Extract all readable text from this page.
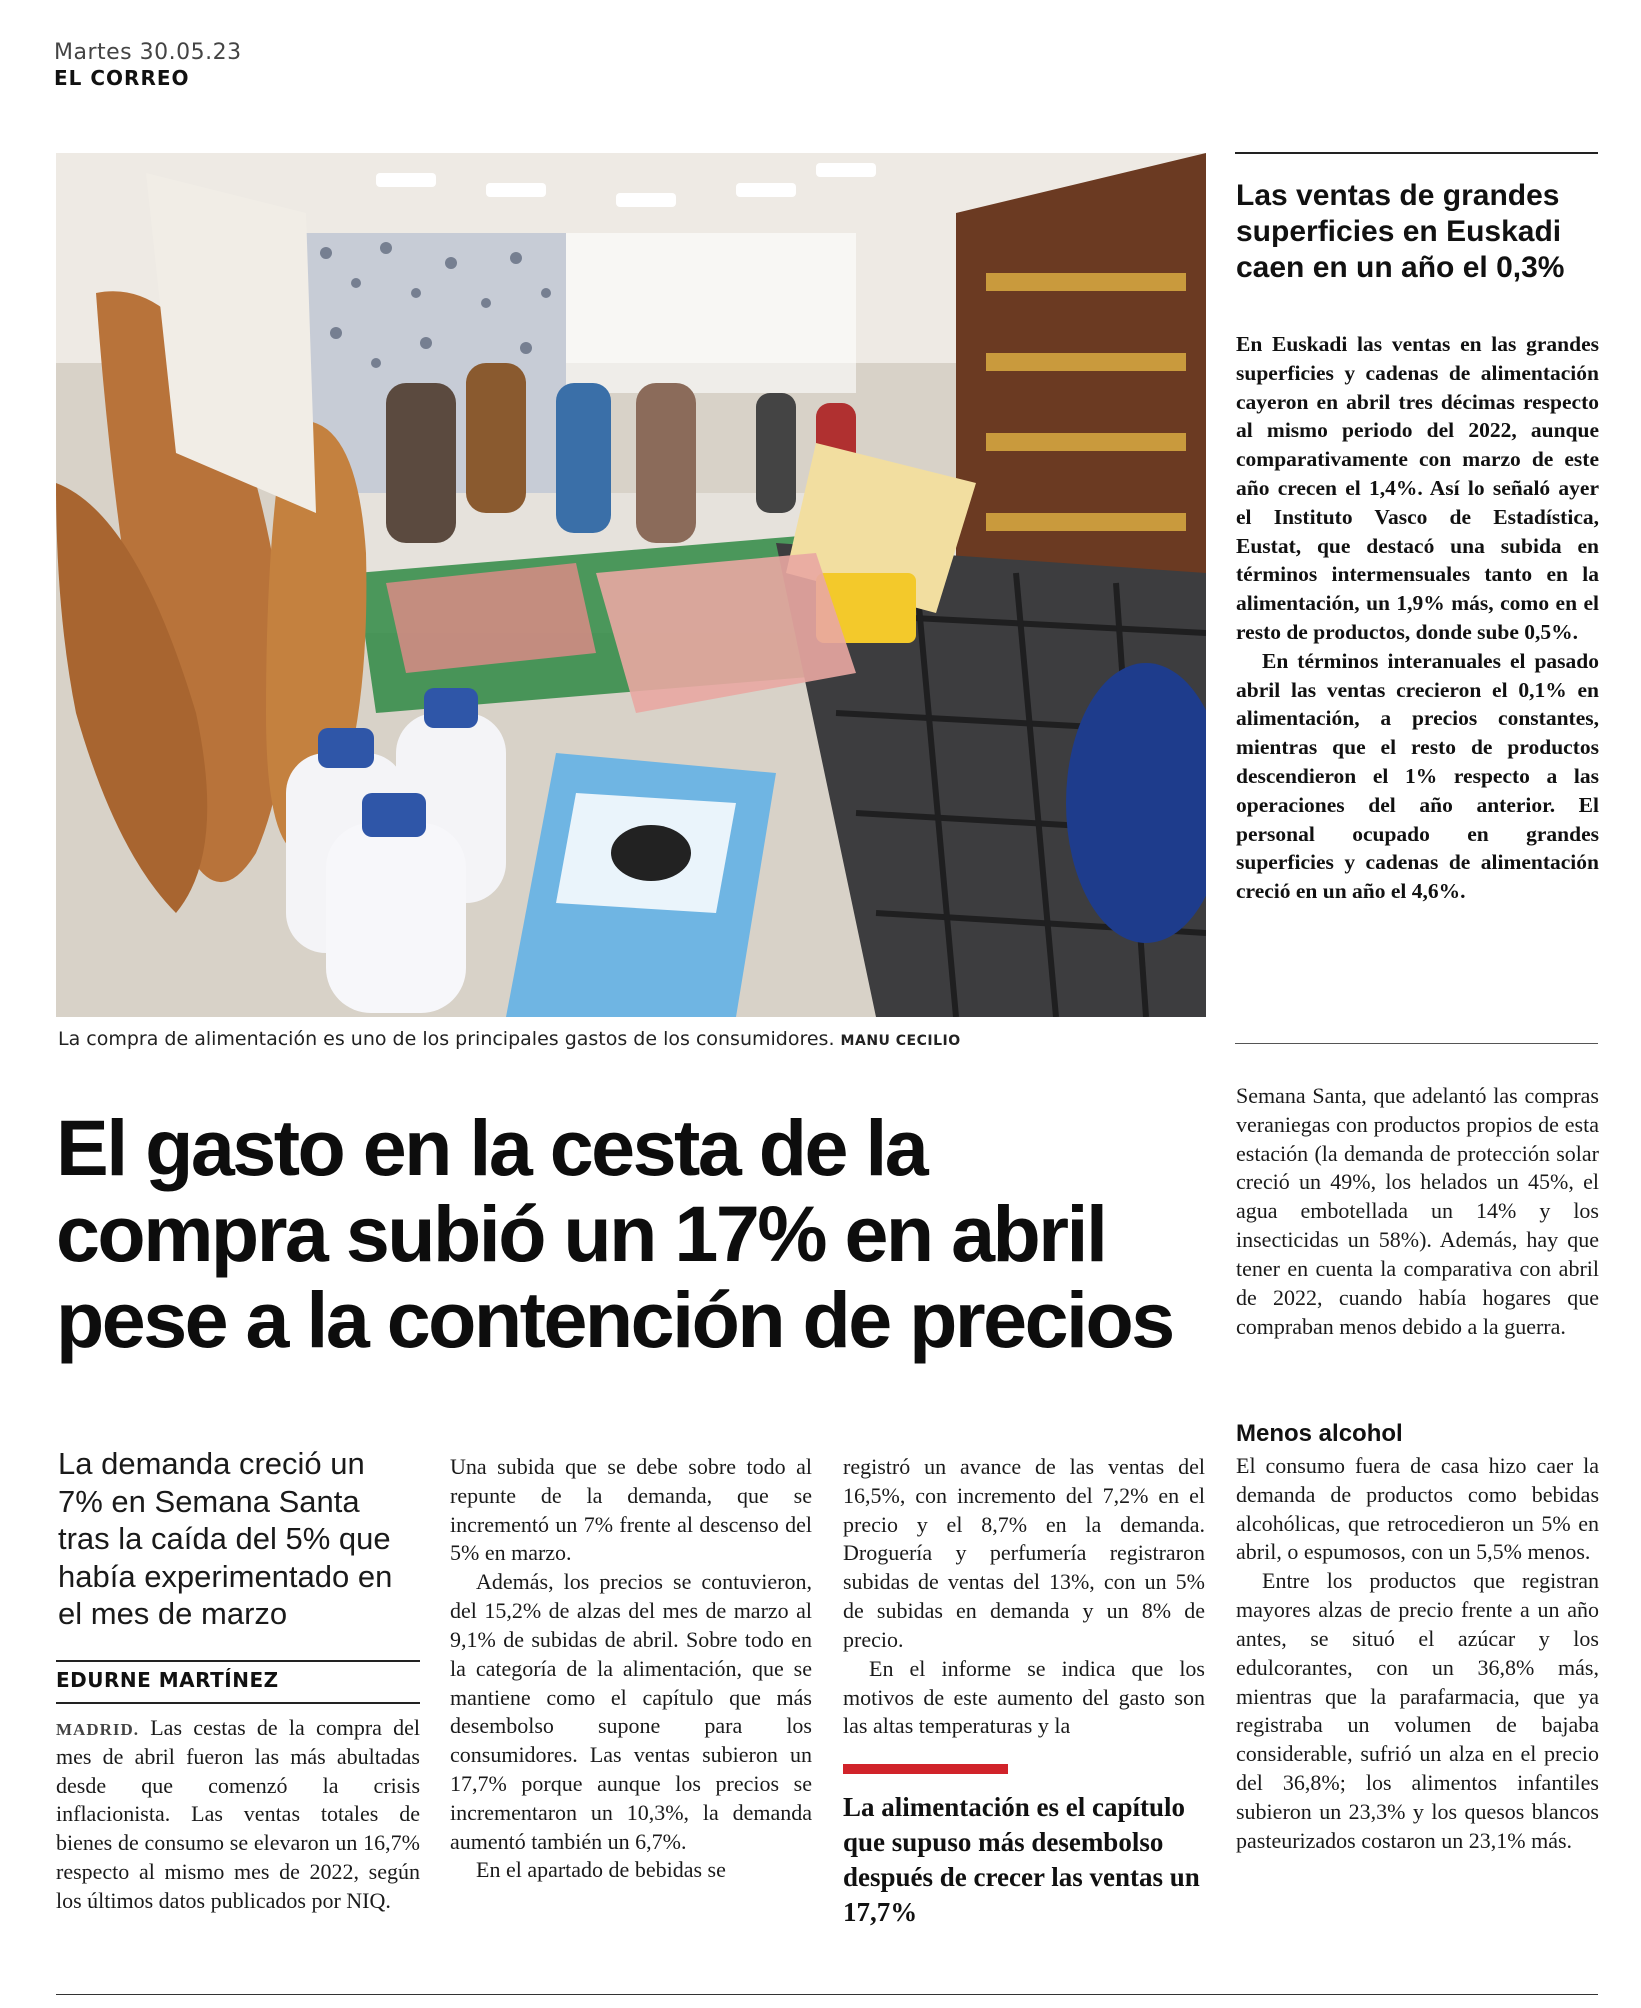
Martes 30.05.23
EL CORREO
La compra de alimentación es uno de los principales gastos de los consumidores. MANU CECILIO
Las ventas de grandes superficies en Euskadi caen en un año el 0,3%

En Euskadi las ventas en las grandes superficies y cadenas de alimentación cayeron en abril tres décimas respecto al mismo periodo del 2022, aunque comparativamente con marzo de este año crecen el 1,4%. Así lo señaló ayer el Instituto Vasco de Estadística, Eustat, que destacó una subida en términos intermensuales tanto en la alimentación, un 1,9% más, como en el resto de productos, donde sube 0,5%.

En términos interanuales el pasado abril las ventas crecieron el 0,1% en alimentación, a precios constantes, mientras que el resto de productos descendieron el 1% respecto a las operaciones del año anterior. El personal ocupado en grandes superficies y cadenas de alimentación creció en un año el 4,6%.

El gasto en la cesta de la compra subió un 17% en abril pese a la contención de precios
La demanda creció un 7% en Semana Santa tras la caída del 5% que había experimentado en el mes de marzo
EDURNE MARTÍNEZ

MADRID. Las cestas de la compra del mes de abril fueron las más abultadas desde que comenzó la crisis inflacionista. Las ventas totales de bienes de consumo se elevaron un 16,7% respecto al mismo mes de 2022, según los últimos datos publicados por NIQ.

Una subida que se debe sobre todo al repunte de la demanda, que se incrementó un 7% frente al descenso del 5% en marzo.

Además, los precios se contuvieron, del 15,2% de alzas del mes de marzo al 9,1% de subidas de abril. Sobre todo en la categoría de la alimentación, que se mantiene como el capítulo que más desembolso supone para los consumidores. Las ventas subieron un 17,7% porque aunque los precios se incrementaron un 10,3%, la demanda aumentó también un 6,7%.

En el apartado de bebidas se

registró un avance de las ventas del 16,5%, con incremento del 7,2% en el precio y el 8,7% en la demanda. Droguería y perfumería registraron subidas de ventas del 13%, con un 5% de subidas en demanda y un 8% de precio.

En el informe se indica que los motivos de este aumento del gasto son las altas temperaturas y la

La alimentación es el capítulo que supuso más desembolso después de crecer las ventas un 17,7%

Semana Santa, que adelantó las compras veraniegas con productos propios de esta estación (la demanda de protección solar creció un 49%, los helados un 45%, el agua embotellada un 14% y los insecticidas un 58%). Además, hay que tener en cuenta la comparativa con abril de 2022, cuando había hogares que compraban menos debido a la guerra.

Menos alcohol

El consumo fuera de casa hizo caer la demanda de productos como bebidas alcohólicas, que retrocedieron un 5% en abril, o espumosos, con un 5,5% menos.

Entre los productos que registran mayores alzas de precio frente a un año antes, se situó el azúcar y los edulcorantes, con un 36,8% más, mientras que la parafarmacia, que ya registraba un volumen de bajaba considerable, sufrió un alza en el precio del 36,8%; los alimentos infantiles subieron un 23,3% y los quesos blancos pasteurizados costaron un 23,1% más.
